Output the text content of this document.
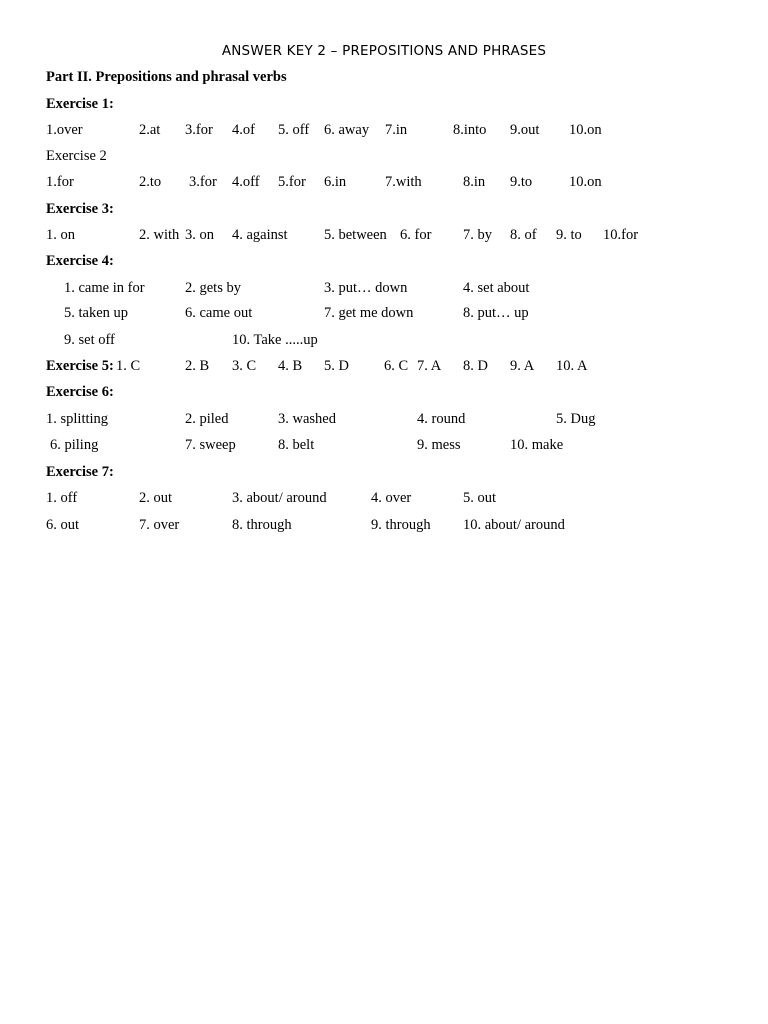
ANSWER KEY 2 – PREPOSITIONS AND PHRASES
Part II. Prepositions and phrasal verbs
Exercise 1:
1.over	2.at 3.for 4.of 5. off 6. away 7.in	8.into 9.out 10.on
Exercise 2
1.for	2.to 3.for 4.off 5.for 6.in	7.with	8.in 9.to	10.on
Exercise 3:
1. on	2. with 3. on 4. against	5. between 6. for 7. by 8. of 9. to 10.for
Exercise 4:
1. came in for	2. gets by	3. put… down	4. set about
5. taken up	6. came out	7. get me down	8. put… up
9. set off	10. Take .....up
Exercise 5: 1. C	2. B 3. C 4. B 5. D 6. C 7. A 8. D 9. A 10. A
Exercise 6:
1. splitting	2. piled	3. washed	4. round	5. Dug
6. piling	7. sweep	8. belt	9. mess	10. make
Exercise 7:
1. off	2. out	3. about/ around	4. over	5. out
6. out	7. over	8. through	9. through 10. about/ around
